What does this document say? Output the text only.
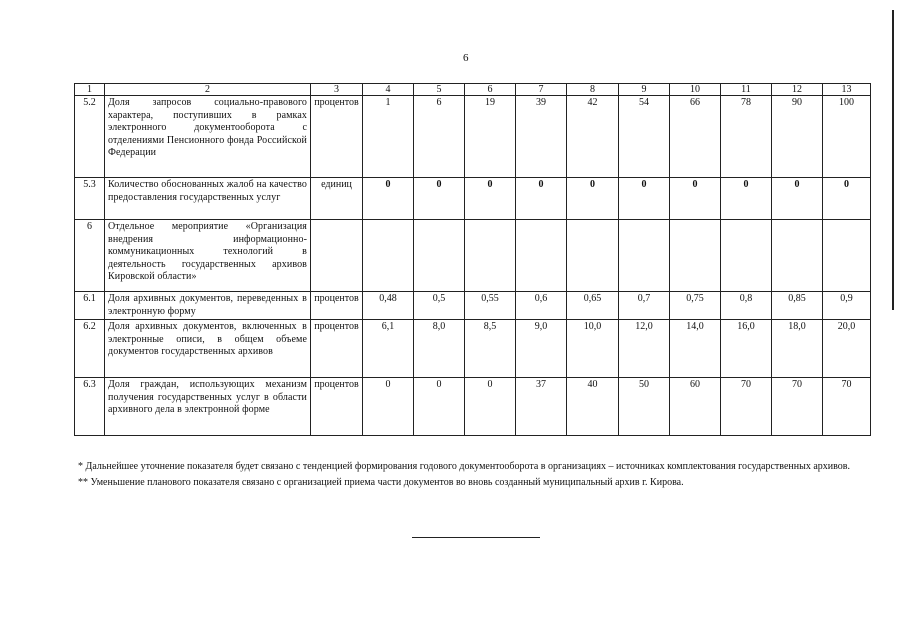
6
1	2	3	4	5	6	7	8	9	10	11	12	13
5.2	Доля запросов социально-правового характера, поступивших в рамках электронного документооборота с отделениями Пенсионного фонда Российской Федерации	процентов	1	6	19	39	42	54	66	78	90	100
5.3	Количество обоснованных жалоб на качество предоставления государственных услуг	единиц	0	0	0	0	0	0	0	0	0	0
6	Отдельное мероприятие «Организация внедрения информационно-коммуникационных технологий в деятельность государственных архивов Кировской области»											
6.1	Доля архивных документов, переведенных в электронную форму	процентов	0,48	0,5	0,55	0,6	0,65	0,7	0,75	0,8	0,85	0,9
6.2	Доля архивных документов, включенных в электронные описи, в общем объеме документов государственных архивов	процентов	6,1	8,0	8,5	9,0	10,0	12,0	14,0	16,0	18,0	20,0
6.3	Доля граждан, использующих механизм получения государственных услуг в области архивного дела в электронной форме	процентов	0	0	0	37	40	50	60	70	70	70
* Дальнейшее уточнение показателя будет связано с тенденцией формирования годового документооборота в организациях – источниках комплектования государственных архивов.
** Уменьшение планового показателя связано с организацией приема части документов во вновь созданный муниципальный архив г. Кирова.
